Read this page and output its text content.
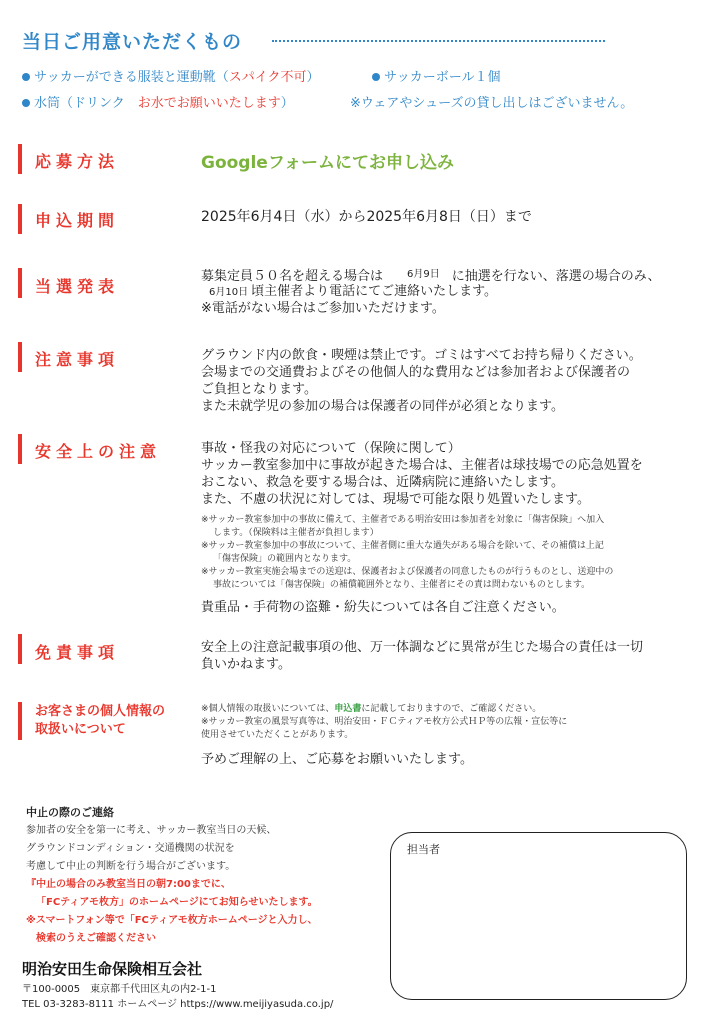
当日ご用意いただくもの
サッカーができる服装と運動靴（スパイク不可）	サッカーボール１個
水筒（ドリンク　お水でお願いいたします）	※ウェアやシューズの貸し出しはございません。
応募方法	Googleフォームにてお申し込み
申込期間	2025年6月4日（水）から2025年6月8日（日）まで
当選発表
募集定員５０名を超える場合は $^{6月9日}$ に抽選を行ない、落選の場合のみ、
6月10日 頃主催者より電話にてご連絡いたします。
※電話がない場合はご参加いただけます。
注意事項	グラウンド内の飲食・喫煙は禁止です。ゴミはすべてお持ち帰りください。
会場までの交通費およびその他個人的な費用などは参加者および保護者の
ご負担となります。
また未就学児の参加の場合は保護者の同伴が必須となります。
安全上の注意	事故・怪我の対応について（保険に関して）
サッカー教室参加中に事故が起きた場合は、主催者は球技場での応急処置を
おこない、救急を要する場合は、近隣病院に連絡いたします。
また、不慮の状況に対しては、現場で可能な限り処置いたします。
※サッカー教室参加中の事故に備えて、主催者である明治安田は参加者を対象に「傷害保険」へ加入
します。（保険料は主催者が負担します）
※サッカー教室参加中の事故について、主催者側に重大な過失がある場合を除いて、その補償は上記
「傷害保険」の範囲内となります。
※サッカー教室実施会場までの送迎は、保護者および保護者の同意したものが行うものとし、送迎中の
事故については「傷害保険」の補償範囲外となり、主催者にその責は問わないものとします。
貴重品・手荷物の盗難・紛失については各自ご注意ください。
免責事項	安全上の注意記載事項の他、万一体調などに異常が生じた場合の責任は一切
負いかねます。
お客さまの個人情報の
取扱いについて
※個人情報の取扱いについては、申込書に記載しておりますので、ご確認ください。
※サッカー教室の風景写真等は、明治安田・ＦＣティアモ枚方公式ＨＰ等の広報・宣伝等に
使用させていただくことがあります。
予めご理解の上、ご応募をお願いいたします。
中止の際のご連絡
参加者の安全を第一に考え、サッカー教室当日の天候、
グラウンドコンディション・交通機関の状況を
考慮して中止の判断を行う場合がございます。
『中止の場合のみ教室当日の朝7:00までに、
「FCティアモ枚方」のホームページにてお知らせいたします。
※スマートフォン等で「FCティアモ枚方ホームページと入力し、
検索のうえご確認ください
明治安田生命保険相互会社
〒100-0005　東京都千代田区丸の内2-1-1
TEL 03-3283-8111 ホームページ https://www.meijiyasuda.co.jp/
担当者
